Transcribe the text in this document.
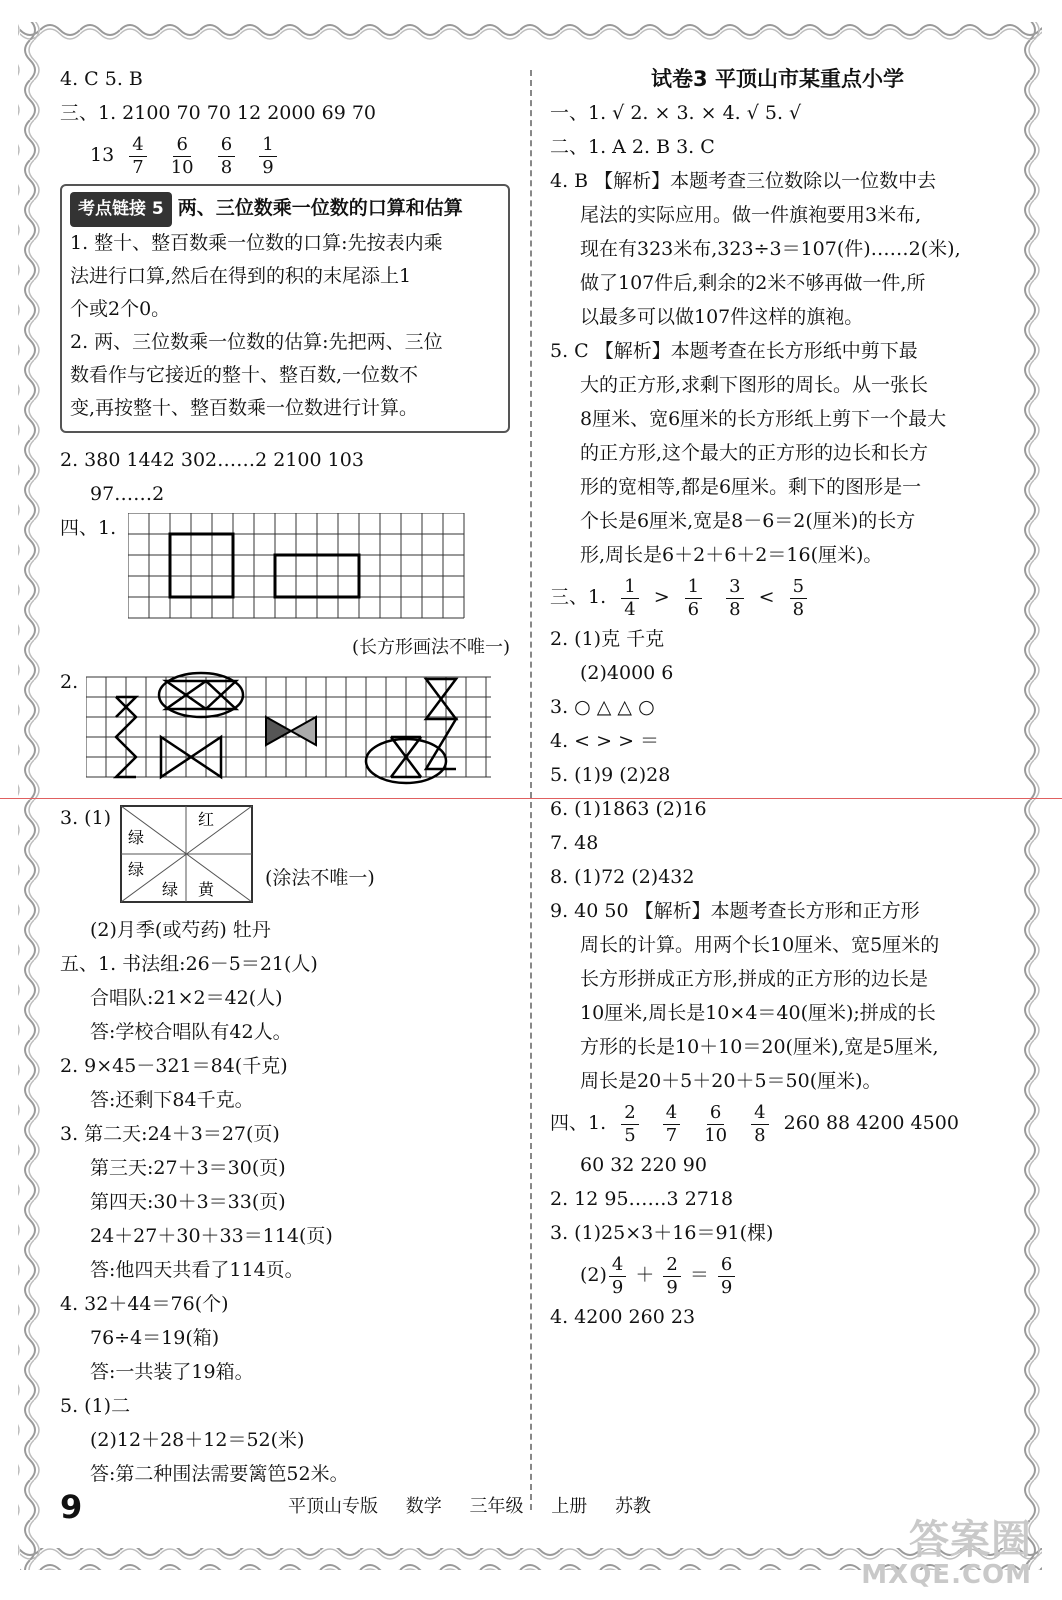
4. C 5. B
三、1. 2100 70 70 12 2000 69 70
$13 \frac{4}{7}$
$\frac{6}{10}$
$\frac{6}{8}$
$\frac{1}{9}$
考点链接 5 两、三位数乘一位数的口算和估算
1. 整十、整百数乘一位数的口算:先按表内乘
法进行口算,然后在得到的积的末尾添上1
个或2个0。
2. 两、三位数乘一位数的估算:先把两、三位
数看作与它接近的整十、整百数,一位数不
变,再按整十、整百数乘一位数进行计算。
2. 380 1442 302……2 2100 103
97……2
四、1.
(长方形画法不唯一)
2.
3. (1)	红
绿
绿
绿 黄
(涂法不唯一)
(2)月季(或芍药) 牡丹
五、1. 书法组:26－5＝21(人)
合唱队:21×2＝42(人)
答:学校合唱队有42人。
2. 9×45－321＝84(千克)
答:还剩下84千克。
3. 第二天:24＋3＝27(页)
第三天:27＋3＝30(页)
第四天:30＋3＝33(页)
24＋27＋30＋33＝114(页)
答:他四天共看了114页。
4. 32＋44＝76(个)
76÷4＝19(箱)
答:一共装了19箱。
5. (1)二
(2)12＋28＋12＝52(米)
答:第二种围法需要篱笆52米。
试卷3 平顶山市某重点小学
一、1. √ 2. × 3. × 4. √ 5. √
二、1. A 2. B 3. C
4. B 【解析】本题考查三位数除以一位数中去
尾法的实际应用。做一件旗袍要用3米布,
现在有323米布,323÷3＝107(件)……2(米),
做了107件后,剩余的2米不够再做一件,所
以最多可以做107件这样的旗袍。
5. C 【解析】本题考查在长方形纸中剪下最
大的正方形,求剩下图形的周长。从一张长
8厘米、宽6厘米的长方形纸上剪下一个最大
的正方形,这个最大的正方形的边长和长方
形的宽相等,都是6厘米。剩下的图形是一
个长是6厘米,宽是8－6＝2(厘米)的长方
形,周长是6＋2＋6＋2＝16(厘米)。
三、1. $\frac{1}{4} > \frac{1}{6}$
$\frac{3}{8} < \frac{5}{8}$
2. (1)克 千克
(2)4000 6
3. ○ △ △ ○
4. < > > ＝
5. (1)9 (2)28
6. (1)1863 (2)16
7. 48
8. (1)72 (2)432
9. 40 50 【解析】本题考查长方形和正方形
周长的计算。用两个长10厘米、宽5厘米的
长方形拼成正方形,拼成的正方形的边长是
10厘米,周长是10×4＝40(厘米);拼成的长
方形的长是10＋10＝20(厘米),宽是5厘米,
周长是20＋5＋20＋5＝50(厘米)。
四、1. $\frac{2}{5}$
$\frac{4}{7}$
$\frac{6}{10}$
$\frac{4}{8} 260$ 88 4200 4500
60 32 220 90
2. 12 95……3 2718
3. (1)25×3＋16＝91(棵)
$(2) \frac{4}{9} + \frac{2}{9} = \frac{6}{9}$
4. 4200 260 23
9	平顶山专版 数学 三年级 上册 苏教
答案圈
MXQE.COM
